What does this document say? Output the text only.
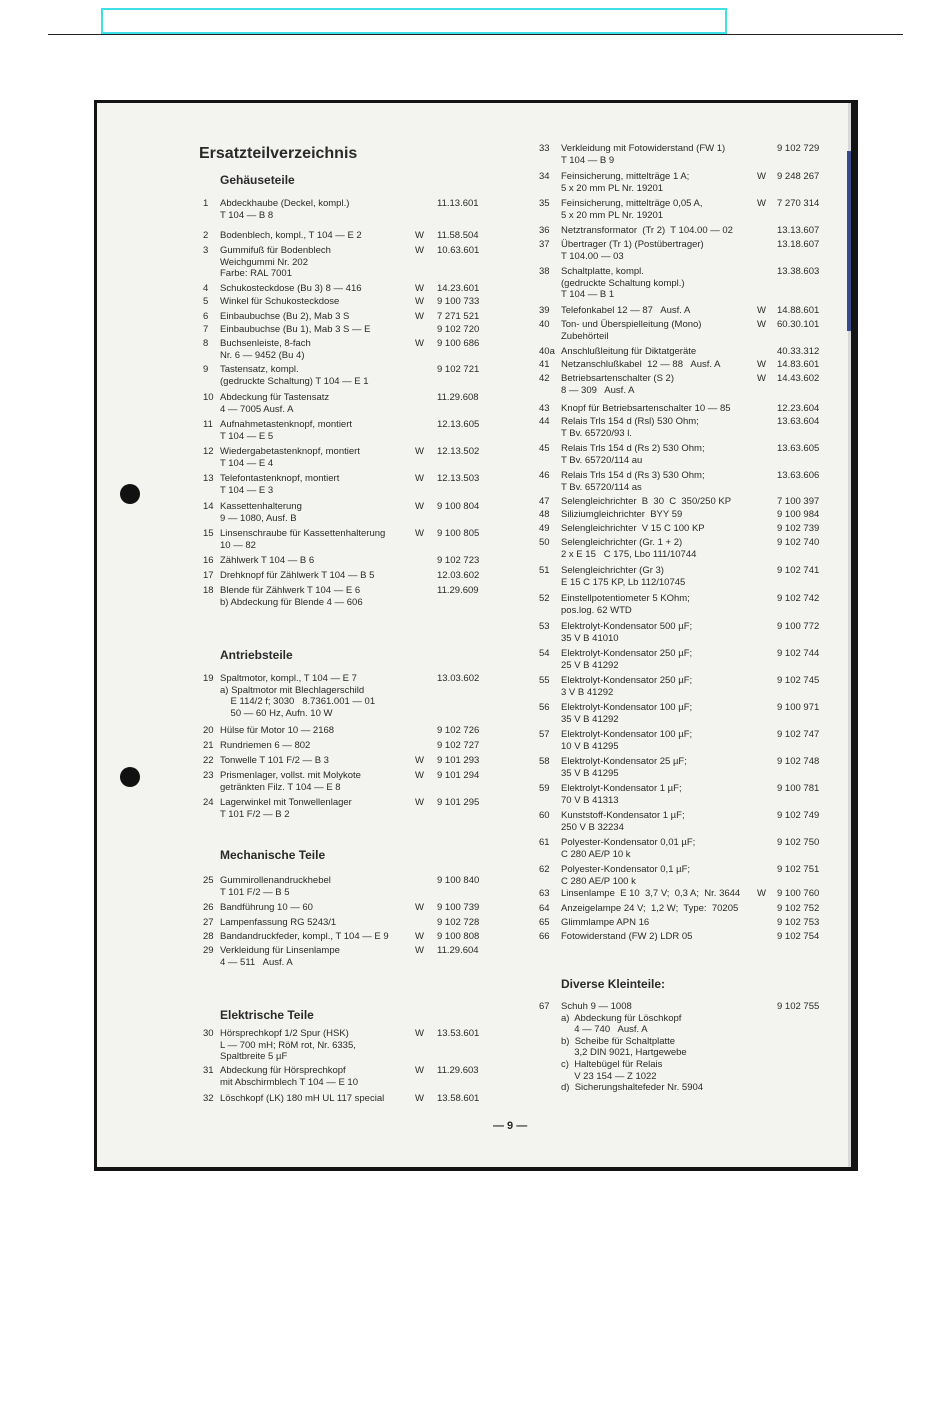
Ersatzteilverzeichnis
Gehäuseteile
1 Abdeckhaube (Deckel, kompl.)
T 104 — B 8
11.13.601
2 Bodenblech, kompl., T 104 — E 2	W 11.58.504
3 Gummifuß für Bodenblech
Weichgummi Nr. 202
Farbe: RAL 7001
W 10.63.601
4 Schukosteckdose (Bu 3) 8 — 416	W 14.23.601
5 Winkel für Schukosteckdose	W 9 100 733
6 Einbaubuchse (Bu 2), Mab 3 S	W 7 271 521
7 Einbaubuchse (Bu 1), Mab 3 S — E	9 102 720
8 Buchsenleiste, 8-fach
Nr. 6 — 9452 (Bu 4)
W 9 100 686
9 Tastensatz, kompl.
(gedruckte Schaltung) T 104 — E 1
9 102 721
10 Abdeckung für Tastensatz
4 — 7005 Ausf. A
11.29.608
11 Aufnahmetastenknopf, montiert
T 104 — E 5
12.13.605
12 Wiedergabetastenknopf, montiert
T 104 — E 4
W 12.13.502
13 Telefontastenknopf, montiert
T 104 — E 3
W 12.13.503
14 Kassettenhalterung
9 — 1080, Ausf. B
W 9 100 804
15 Linsenschraube für Kassettenhalterung
10 — 82
W 9 100 805
16 Zählwerk T 104 — B 6	9 102 723
17 Drehknopf für Zählwerk T 104 — B 5	12.03.602
18 Blende für Zählwerk T 104 — E 6
b) Abdeckung für Blende 4 — 606
11.29.609
Antriebsteile
19 Spaltmotor, kompl., T 104 — E 7
a) Spaltmotor mit Blechlagerschild
E 114/2 f; 3030   8.7361.001 — 01
50 — 60 Hz, Aufn. 10 W
13.03.602
20 Hülse für Motor 10 — 2168	9 102 726
21 Rundriemen 6 — 802	9 102 727
22 Tonwelle T 101 F/2 — B 3	W 9 101 293
23 Prismenlager, vollst. mit Molykote
getränkten Filz. T 104 — E 8
W 9 101 294
24 Lagerwinkel mit Tonwellenlager
T 101 F/2 — B 2
W 9 101 295
Mechanische Teile
25 Gummirollenandruckhebel
T 101 F/2 — B 5
9 100 840
26 Bandführung 10 — 60	W 9 100 739
27 Lampenfassung RG 5243/1	9 102 728
28 Bandandruckfeder, kompl., T 104 — E 9	W 9 100 808
29 Verkleidung für Linsenlampe
4 — 511   Ausf. A
W 11.29.604
Elektrische Teile
30 Hörsprechkopf 1/2 Spur (HSK)
L — 700 mH; RöM rot, Nr. 6335,
Spaltbreite 5 µF
W 13.53.601
31 Abdeckung für Hörsprechkopf
mit Abschirmblech T 104 — E 10
W 11.29.603
32 Löschkopf (LK) 180 mH UL 117 special	W 13.58.601
33 Verkleidung mit Fotowiderstand (FW 1)
T 104 — B 9
9 102 729
34 Feinsicherung, mittelträge 1 A;
5 x 20 mm PL Nr. 19201
W 9 248 267
35 Feinsicherung, mittelträge 0,05 A,
5 x 20 mm PL Nr. 19201
W 7 270 314
36 Netztransformator  (Tr 2)  T 104.00 — 02	13.13.607
37 Übertrager (Tr 1) (Postübertrager)
T 104.00 — 03
13.18.607
38 Schaltplatte, kompl.
(gedruckte Schaltung kompl.)
T 104 — B 1
13.38.603
39 Telefonkabel 12 — 87   Ausf. A	W 14.88.601
40 Ton- und Überspielleitung (Mono)
Zubehörteil
W 60.30.101
40a Anschlußleitung für Diktatgeräte	40.33.312
41 Netzanschlußkabel  12 — 88   Ausf. A	W 14.83.601
42 Betriebsartenschalter (S 2)
8 — 309   Ausf. A
W 14.43.602
43 Knopf für Betriebsartenschalter 10 — 85	12.23.604
44 Relais Trls 154 d (Rsl) 530 Ohm;
T Bv. 65720/93 l.
13.63.604
45 Relais Trls 154 d (Rs 2) 530 Ohm;
T Bv. 65720/114 au
13.63.605
46 Relais Trls 154 d (Rs 3) 530 Ohm;
T Bv. 65720/114 as
13.63.606
47 Selengleichrichter  B  30  C  350/250 KP	7 100 397
48 Siliziumgleichrichter  BYY 59	9 100 984
49 Selengleichrichter  V 15 C 100 KP	9 102 739
50 Selengleichrichter (Gr. 1 + 2)
2 x E 15   C 175, Lbo 111/10744
9 102 740
51 Selengleichrichter (Gr 3)
E 15 C 175 KP, Lb 112/10745
9 102 741
52 Einstellpotentiometer 5 KOhm;
pos.log. 62 WTD
9 102 742
53 Elektrolyt-Kondensator 500 µF;
35 V B 41010
9 100 772
54 Elektrolyt-Kondensator 250 µF;
25 V B 41292
9 102 744
55 Elektrolyt-Kondensator 250 µF;
3 V B 41292
9 102 745
56 Elektrolyt-Kondensator 100 µF;
35 V B 41292
9 100 971
57 Elektrolyt-Kondensator 100 µF;
10 V B 41295
9 102 747
58 Elektrolyt-Kondensator 25 µF;
35 V B 41295
9 102 748
59 Elektrolyt-Kondensator 1 µF;
70 V B 41313
9 100 781
60 Kunststoff-Kondensator 1 µF;
250 V B 32234
9 102 749
61 Polyester-Kondensator 0,01 µF;
C 280 AE/P 10 k
9 102 750
62 Polyester-Kondensator 0,1 µF;
C 280 AE/P 100 k
9 102 751
63 Linsenlampe  E 10  3,7 V;  0,3 A;  Nr. 3644 W 9 100 760
64 Anzeigelampe 24 V;  1,2 W;  Type:  70205	9 102 752
65 Glimmlampe APN 16	9 102 753
66 Fotowiderstand (FW 2) LDR 05	9 102 754
Diverse Kleinteile:
67 Schuh 9 — 1008
a)  Abdeckung für Löschkopf
4 — 740   Ausf. A
b)  Scheibe für Schaltplatte
3,2 DIN 9021, Hartgewebe
c)  Haltebügel für Relais
V 23 154 — Z 1022
d)  Sicherungshaltefeder Nr. 5904
9 102 755
— 9 —
